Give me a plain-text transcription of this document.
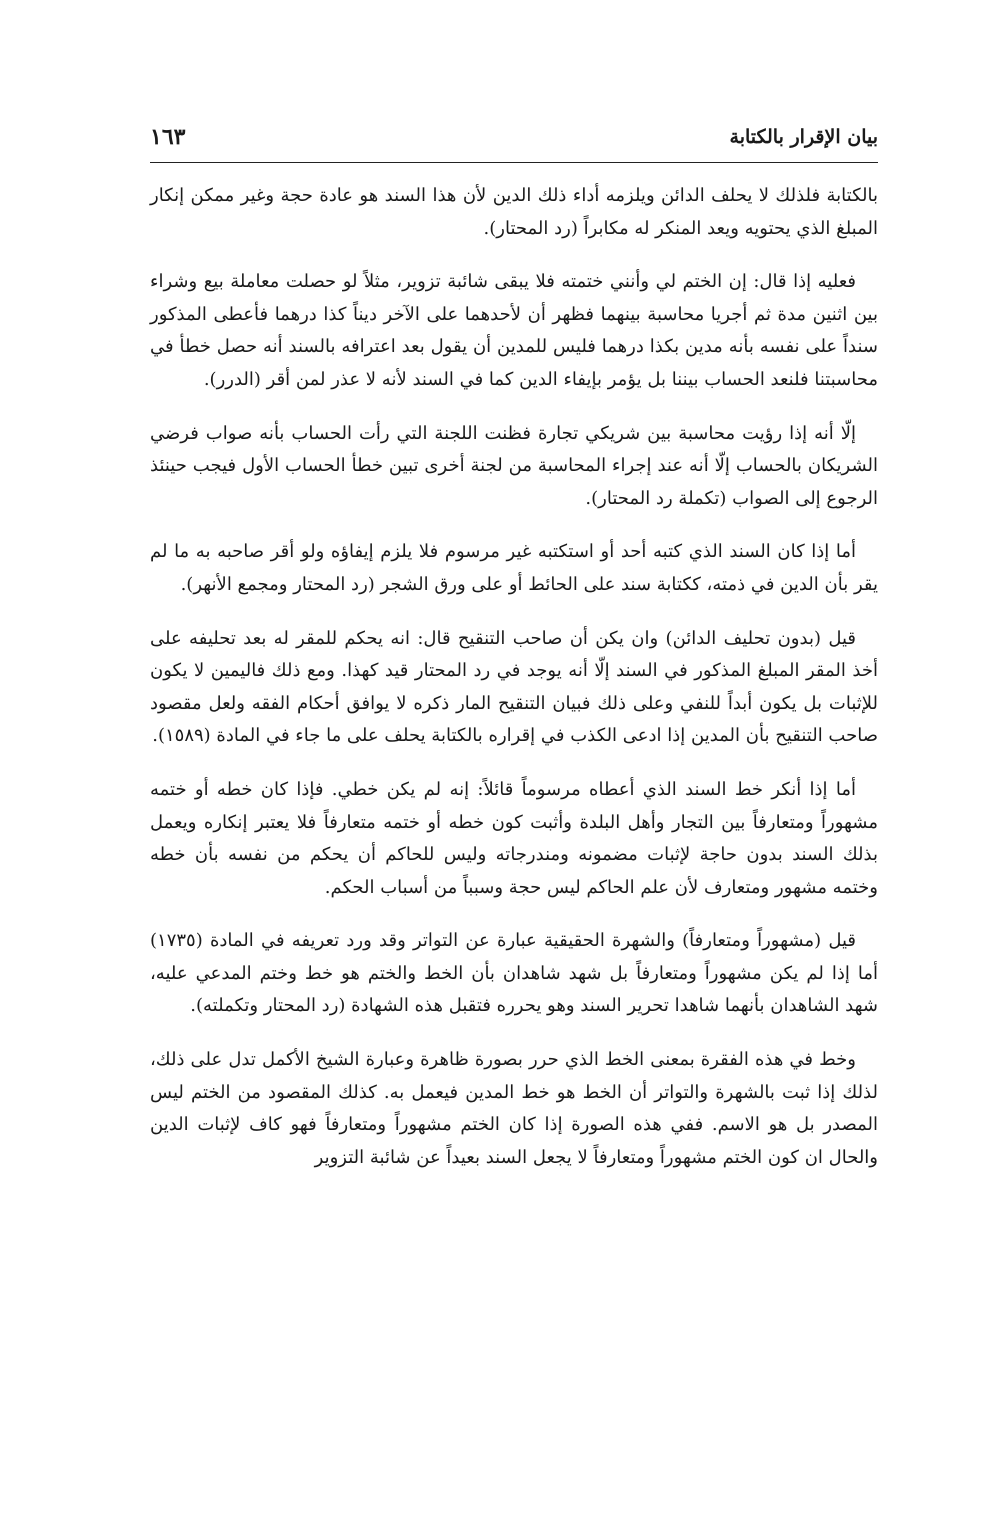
بيان الإقرار بالكتابة
١٦٣

بالكتابة فلذلك لا يحلف الدائن ويلزمه أداء ذلك الدين لأن هذا السند هو عادة حجة وغير ممكن إنكار المبلغ الذي يحتويه ويعد المنكر له مكابراً (رد المحتار).

فعليه إذا قال: إن الختم لي وأنني ختمته فلا يبقى شائبة تزوير، مثلاً لو حصلت معاملة بيع وشراء بين اثنين مدة ثم أجريا محاسبة بينهما فظهر أن لأحدهما على الآخر ديناً كذا درهما فأعطى المذكور سنداً على نفسه بأنه مدين بكذا درهما فليس للمدين أن يقول بعد اعترافه بالسند أنه حصل خطأ في محاسبتنا فلنعد الحساب بيننا بل يؤمر بإيفاء الدين كما في السند لأنه لا عذر لمن أقر (الدرر).

إلّا أنه إذا رؤيت محاسبة بين شريكي تجارة فظنت اللجنة التي رأت الحساب بأنه صواب فرضي الشريكان بالحساب إلّا أنه عند إجراء المحاسبة من لجنة أخرى تبين خطأ الحساب الأول فيجب حينئذ الرجوع إلى الصواب (تكملة رد المحتار).

أما إذا كان السند الذي كتبه أحد أو استكتبه غير مرسوم فلا يلزم إيفاؤه ولو أقر صاحبه به ما لم يقر بأن الدين في ذمته، ككتابة سند على الحائط أو على ورق الشجر (رد المحتار ومجمع الأنهر).

قيل (بدون تحليف الدائن) وان يكن أن صاحب التنقيح قال: انه يحكم للمقر له بعد تحليفه على أخذ المقر المبلغ المذكور في السند إلّا أنه يوجد في رد المحتار قيد كهذا. ومع ذلك فاليمين لا يكون للإثبات بل يكون أبداً للنفي وعلى ذلك فبيان التنقيح المار ذكره لا يوافق أحكام الفقه ولعل مقصود صاحب التنقيح بأن المدين إذا ادعى الكذب في إقراره بالكتابة يحلف على ما جاء في المادة (١٥٨٩).

أما إذا أنكر خط السند الذي أعطاه مرسوماً قائلاً: إنه لم يكن خطي. فإذا كان خطه أو ختمه مشهوراً ومتعارفاً بين التجار وأهل البلدة وأثبت كون خطه أو ختمه متعارفاً فلا يعتبر إنكاره ويعمل بذلك السند بدون حاجة لإثبات مضمونه ومندرجاته وليس للحاكم أن يحكم من نفسه بأن خطه وختمه مشهور ومتعارف لأن علم الحاكم ليس حجة وسبباً من أسباب الحكم.

قيل (مشهوراً ومتعارفاً) والشهرة الحقيقية عبارة عن التواتر وقد ورد تعريفه في المادة (١٧٣٥) أما إذا لم يكن مشهوراً ومتعارفاً بل شهد شاهدان بأن الخط والختم هو خط وختم المدعي عليه، شهد الشاهدان بأنهما شاهدا تحرير السند وهو يحرره فتقبل هذه الشهادة (رد المحتار وتكملته).

وخط في هذه الفقرة بمعنى الخط الذي حرر بصورة ظاهرة وعبارة الشيخ الأكمل تدل على ذلك، لذلك إذا ثبت بالشهرة والتواتر أن الخط هو خط المدين فيعمل به. كذلك المقصود من الختم ليس المصدر بل هو الاسم. ففي هذه الصورة إذا كان الختم مشهوراً ومتعارفاً فهو كاف لإثبات الدين والحال ان كون الختم مشهوراً ومتعارفاً لا يجعل السند بعيداً عن شائبة التزوير
